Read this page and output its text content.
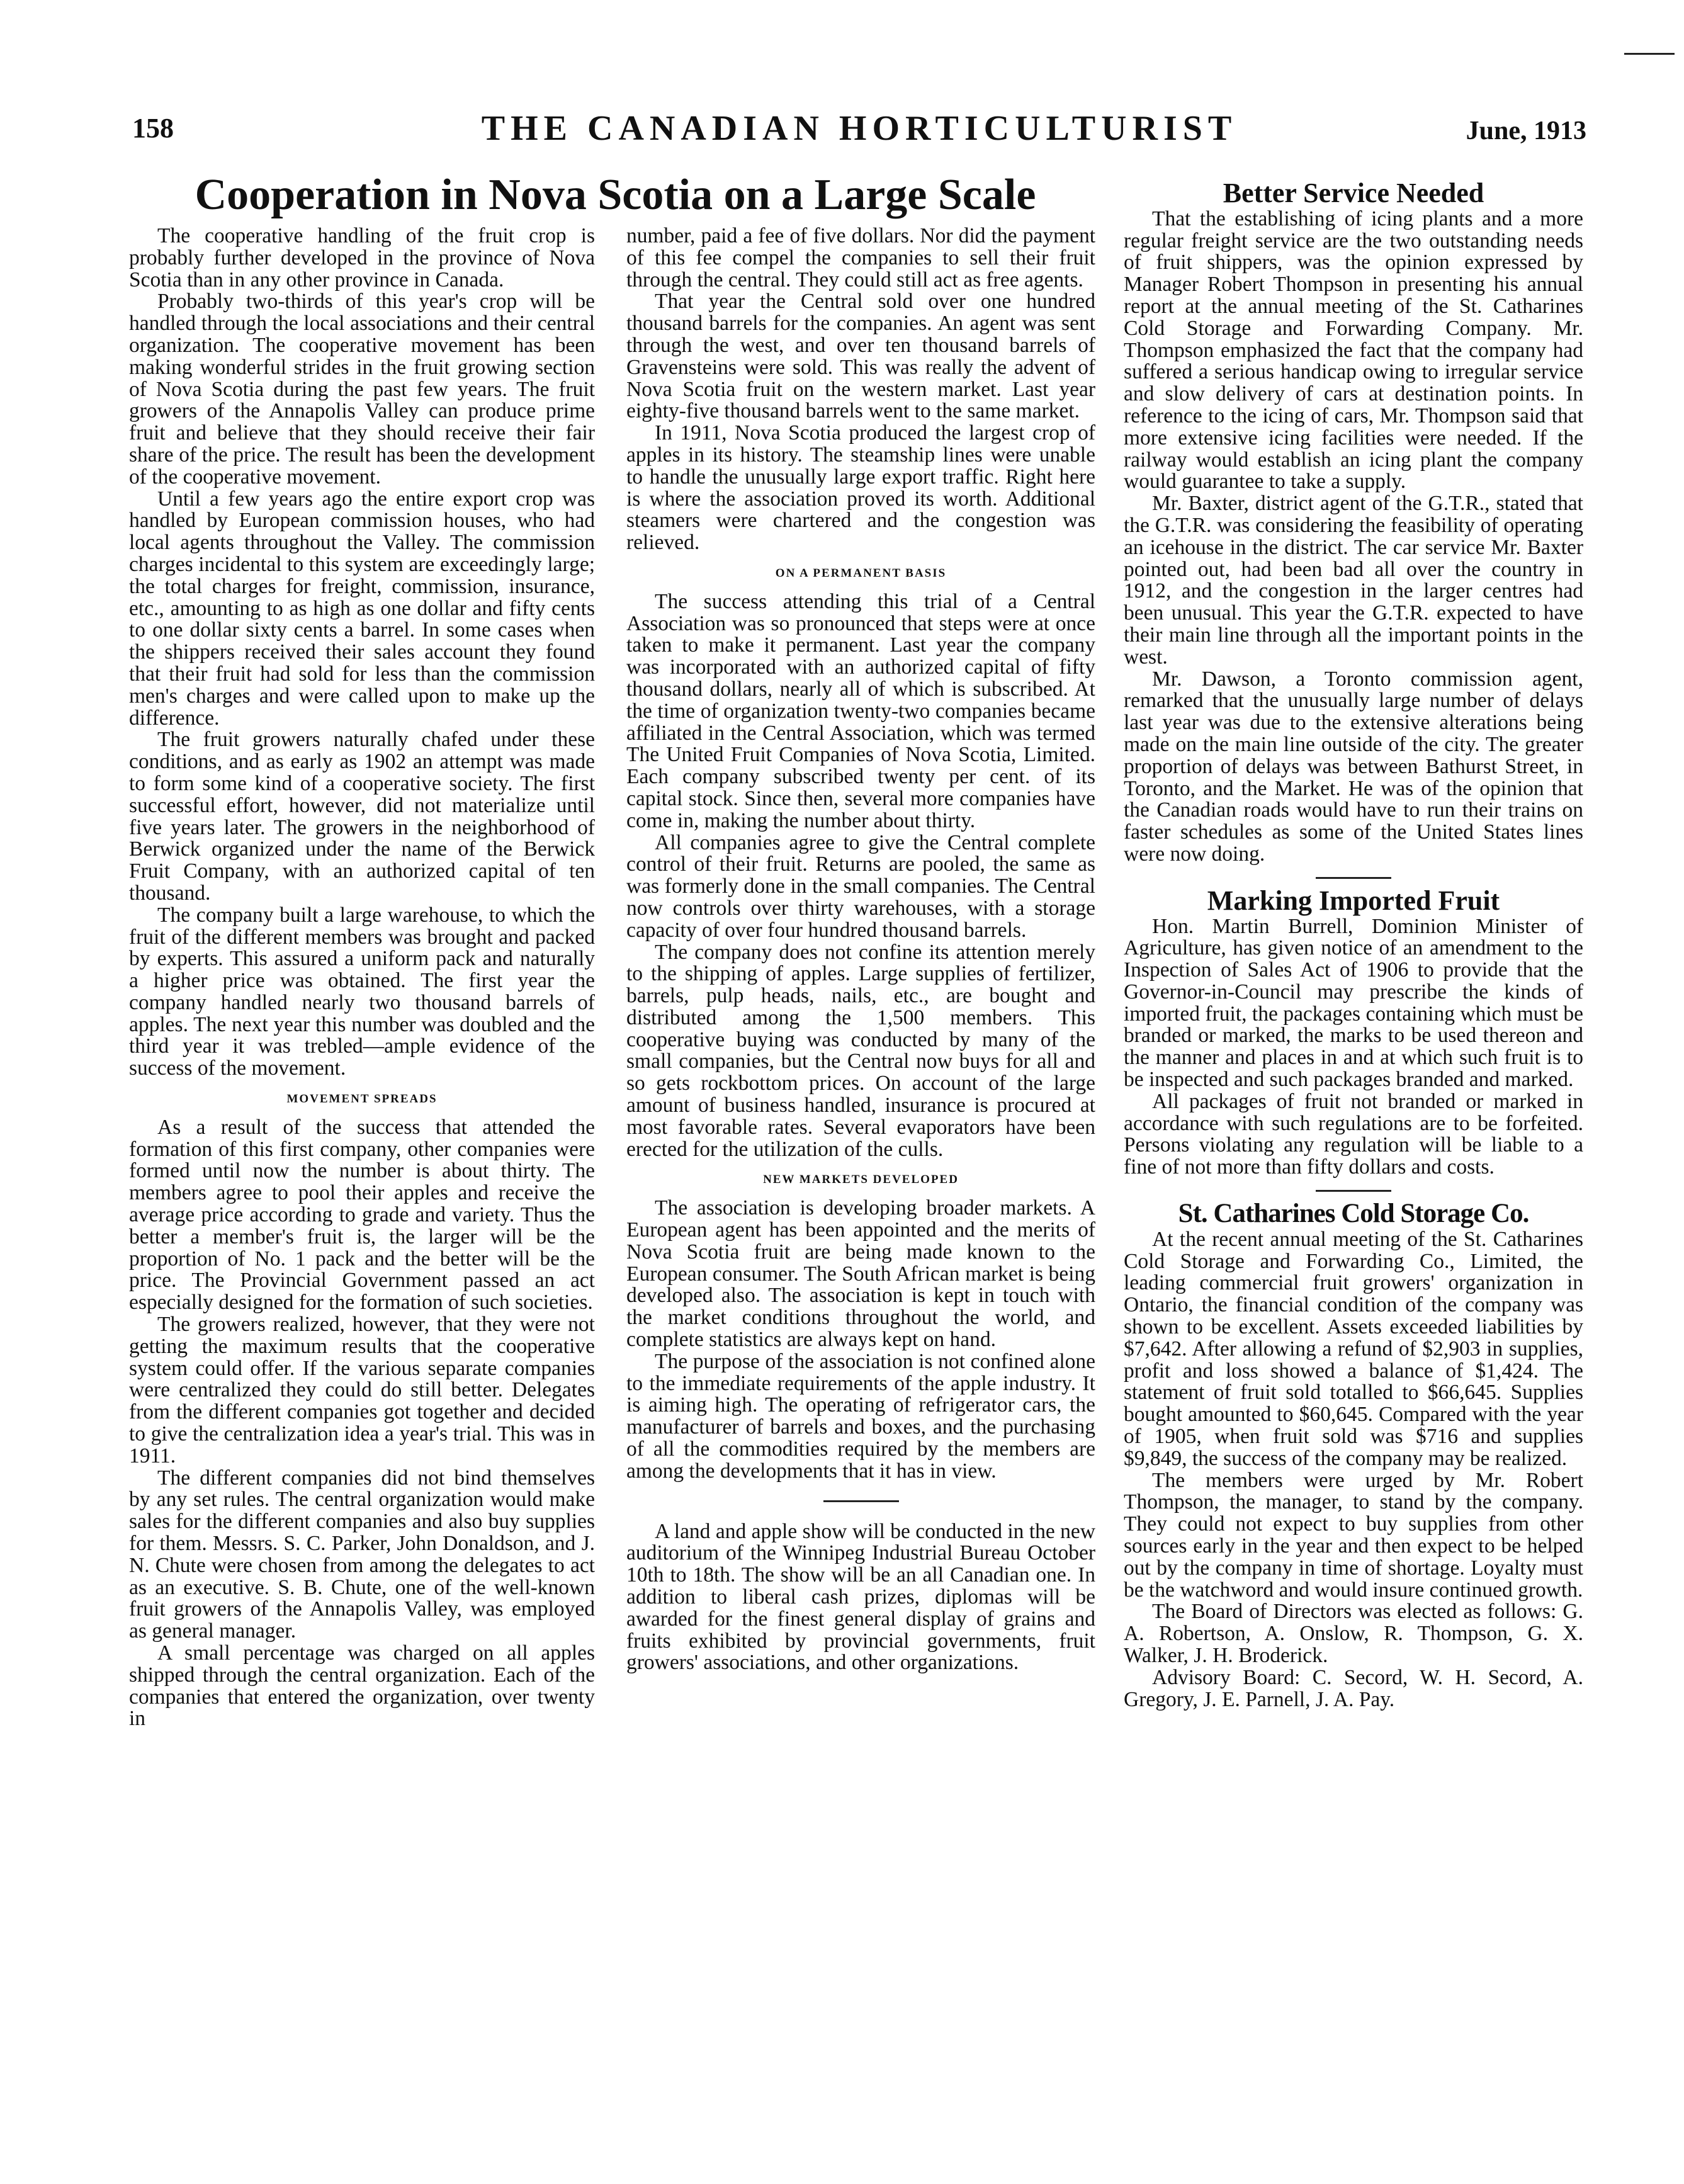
158	THE CANADIAN HORTICULTURIST	June, 1913
Cooperation in Nova Scotia on a Large Scale

The cooperative handling of the fruit crop is probably further developed in the province of Nova Scotia than in any other province in Canada.

Probably two-thirds of this year's crop will be handled through the local associations and their central organization. The cooperative movement has been making wonderful strides in the fruit growing section of Nova Scotia during the past few years. The fruit growers of the Annapolis Valley can produce prime fruit and believe that they should receive their fair share of the price. The result has been the development of the cooperative movement.

Until a few years ago the entire export crop was handled by European commission houses, who had local agents throughout the Valley. The commission charges incidental to this system are exceedingly large; the total charges for freight, commission, insurance, etc., amounting to as high as one dollar and fifty cents to one dollar sixty cents a barrel. In some cases when the shippers received their sales account they found that their fruit had sold for less than the commission men's charges and were called upon to make up the difference.

The fruit growers naturally chafed under these conditions, and as early as 1902 an attempt was made to form some kind of a cooperative society. The first successful effort, however, did not materialize until five years later. The growers in the neighborhood of Berwick organized under the name of the Berwick Fruit Company, with an authorized capital of ten thousand.

The company built a large warehouse, to which the fruit of the different members was brought and packed by experts. This assured a uniform pack and naturally a higher price was obtained. The first year the company handled nearly two thousand barrels of apples. The next year this number was doubled and the third year it was trebled—ample evidence of the success of the movement.

MOVEMENT SPREADS

As a result of the success that attended the formation of this first company, other companies were formed until now the number is about thirty. The members agree to pool their apples and receive the average price according to grade and variety. Thus the better a member's fruit is, the larger will be the proportion of No. 1 pack and the better will be the price. The Provincial Government passed an act especially designed for the formation of such societies.

The growers realized, however, that they were not getting the maximum results that the cooperative system could offer. If the various separate companies were centralized they could do still better. Delegates from the different companies got together and decided to give the centralization idea a year's trial. This was in 1911.

The different companies did not bind themselves by any set rules. The central organization would make sales for the different companies and also buy supplies for them. Messrs. S. C. Parker, John Donaldson, and J. N. Chute were chosen from among the delegates to act as an executive. S. B. Chute, one of the well-known fruit growers of the Annapolis Valley, was employed as general manager.

A small percentage was charged on all apples shipped through the central organization. Each of the companies that entered the organization, over twenty in

number, paid a fee of five dollars. Nor did the payment of this fee compel the companies to sell their fruit through the central. They could still act as free agents.

That year the Central sold over one hundred thousand barrels for the companies. An agent was sent through the west, and over ten thousand barrels of Gravensteins were sold. This was really the advent of Nova Scotia fruit on the western market. Last year eighty-five thousand barrels went to the same market.

In 1911, Nova Scotia produced the largest crop of apples in its history. The steamship lines were unable to handle the unusually large export traffic. Right here is where the association proved its worth. Additional steamers were chartered and the congestion was relieved.

ON A PERMANENT BASIS

The success attending this trial of a Central Association was so pronounced that steps were at once taken to make it permanent. Last year the company was incorporated with an authorized capital of fifty thousand dollars, nearly all of which is subscribed. At the time of organization twenty-two companies became affiliated in the Central Association, which was termed The United Fruit Companies of Nova Scotia, Limited. Each company subscribed twenty per cent. of its capital stock. Since then, several more companies have come in, making the number about thirty.

All companies agree to give the Central complete control of their fruit. Returns are pooled, the same as was formerly done in the small companies. The Central now controls over thirty warehouses, with a storage capacity of over four hundred thousand barrels.

The company does not confine its attention merely to the shipping of apples. Large supplies of fertilizer, barrels, pulp heads, nails, etc., are bought and distributed among the 1,500 members. This cooperative buying was conducted by many of the small companies, but the Central now buys for all and so gets rockbottom prices. On account of the large amount of business handled, insurance is procured at most favorable rates. Several evaporators have been erected for the utilization of the culls.

NEW MARKETS DEVELOPED

The association is developing broader markets. A European agent has been appointed and the merits of Nova Scotia fruit are being made known to the European consumer. The South African market is being developed also. The association is kept in touch with the market conditions throughout the world, and complete statistics are always kept on hand.

The purpose of the association is not confined alone to the immediate requirements of the apple industry. It is aiming high. The operating of refrigerator cars, the manufacturer of barrels and boxes, and the purchasing of all the commodities required by the members are among the developments that it has in view.

A land and apple show will be conducted in the new auditorium of the Winnipeg Industrial Bureau October 10th to 18th. The show will be an all Canadian one. In addition to liberal cash prizes, diplomas will be awarded for the finest general display of grains and fruits exhibited by provincial governments, fruit growers' associations, and other organizations.

Better Service Needed

That the establishing of icing plants and a more regular freight service are the two outstanding needs of fruit shippers, was the opinion expressed by Manager Robert Thompson in presenting his annual report at the annual meeting of the St. Catharines Cold Storage and Forwarding Company. Mr. Thompson emphasized the fact that the company had suffered a serious handicap owing to irregular service and slow delivery of cars at destination points. In reference to the icing of cars, Mr. Thompson said that more extensive icing facilities were needed. If the railway would establish an icing plant the company would guarantee to take a supply.

Mr. Baxter, district agent of the G.T.R., stated that the G.T.R. was considering the feasibility of operating an icehouse in the district. The car service Mr. Baxter pointed out, had been bad all over the country in 1912, and the congestion in the larger centres had been unusual. This year the G.T.R. expected to have their main line through all the important points in the west.

Mr. Dawson, a Toronto commission agent, remarked that the unusually large number of delays last year was due to the extensive alterations being made on the main line outside of the city. The greater proportion of delays was between Bathurst Street, in Toronto, and the Market. He was of the opinion that the Canadian roads would have to run their trains on faster schedules as some of the United States lines were now doing.

Marking Imported Fruit

Hon. Martin Burrell, Dominion Minister of Agriculture, has given notice of an amendment to the Inspection of Sales Act of 1906 to provide that the Governor-in-Council may prescribe the kinds of imported fruit, the packages containing which must be branded or marked, the marks to be used thereon and the manner and places in and at which such fruit is to be inspected and such packages branded and marked.

All packages of fruit not branded or marked in accordance with such regulations are to be forfeited. Persons violating any regulation will be liable to a fine of not more than fifty dollars and costs.

St. Catharines Cold Storage Co.

At the recent annual meeting of the St. Catharines Cold Storage and Forwarding Co., Limited, the leading commercial fruit growers' organization in Ontario, the financial condition of the company was shown to be excellent. Assets exceeded liabilities by $7,642. After allowing a refund of $2,903 in supplies, profit and loss showed a balance of $1,424. The statement of fruit sold totalled to $66,645. Supplies bought amounted to $60,645. Compared with the year of 1905, when fruit sold was $716 and supplies $9,849, the success of the company may be realized.

The members were urged by Mr. Robert Thompson, the manager, to stand by the company. They could not expect to buy supplies from other sources early in the year and then expect to be helped out by the company in time of shortage. Loyalty must be the watchword and would insure continued growth.

The Board of Directors was elected as follows: G. A. Robertson, A. Onslow, R. Thompson, G. X. Walker, J. H. Broderick.

Advisory Board: C. Secord, W. H. Secord, A. Gregory, J. E. Parnell, J. A. Pay.
